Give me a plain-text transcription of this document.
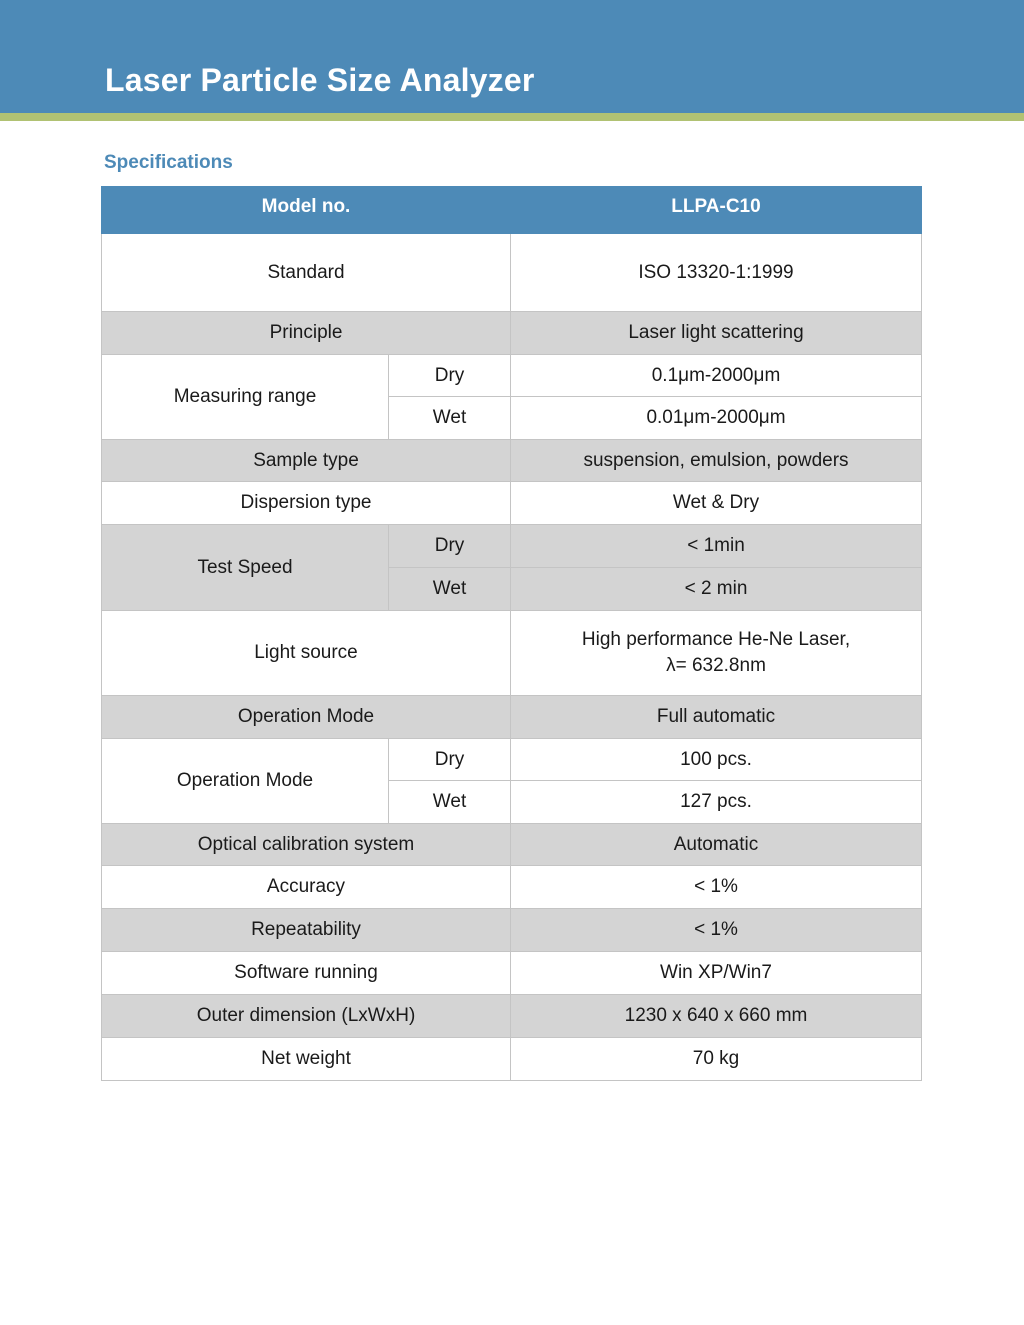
Laser Particle Size Analyzer
Specifications
Model no.		LLPA-C10
Standard		ISO 13320-1:1999
Principle		Laser light scattering
Measuring range	Dry	0.1μm-2000μm
	Wet	0.01μm-2000μm
Sample type		suspension, emulsion, powders
Dispersion type		Wet & Dry
Test Speed	Dry	< 1min
	Wet	< 2 min
Light source		High performance He-Ne Laser,
λ= 632.8nm

Operation Mode		Full automatic
Operation Mode	Dry	100 pcs.
	Wet	127 pcs.
Optical calibration system		Automatic
Accuracy		< 1%
Repeatability		< 1%
Software running		Win XP/Win7
Outer dimension (LxWxH)		1230 x 640 x 660 mm
Net weight		70 kg
